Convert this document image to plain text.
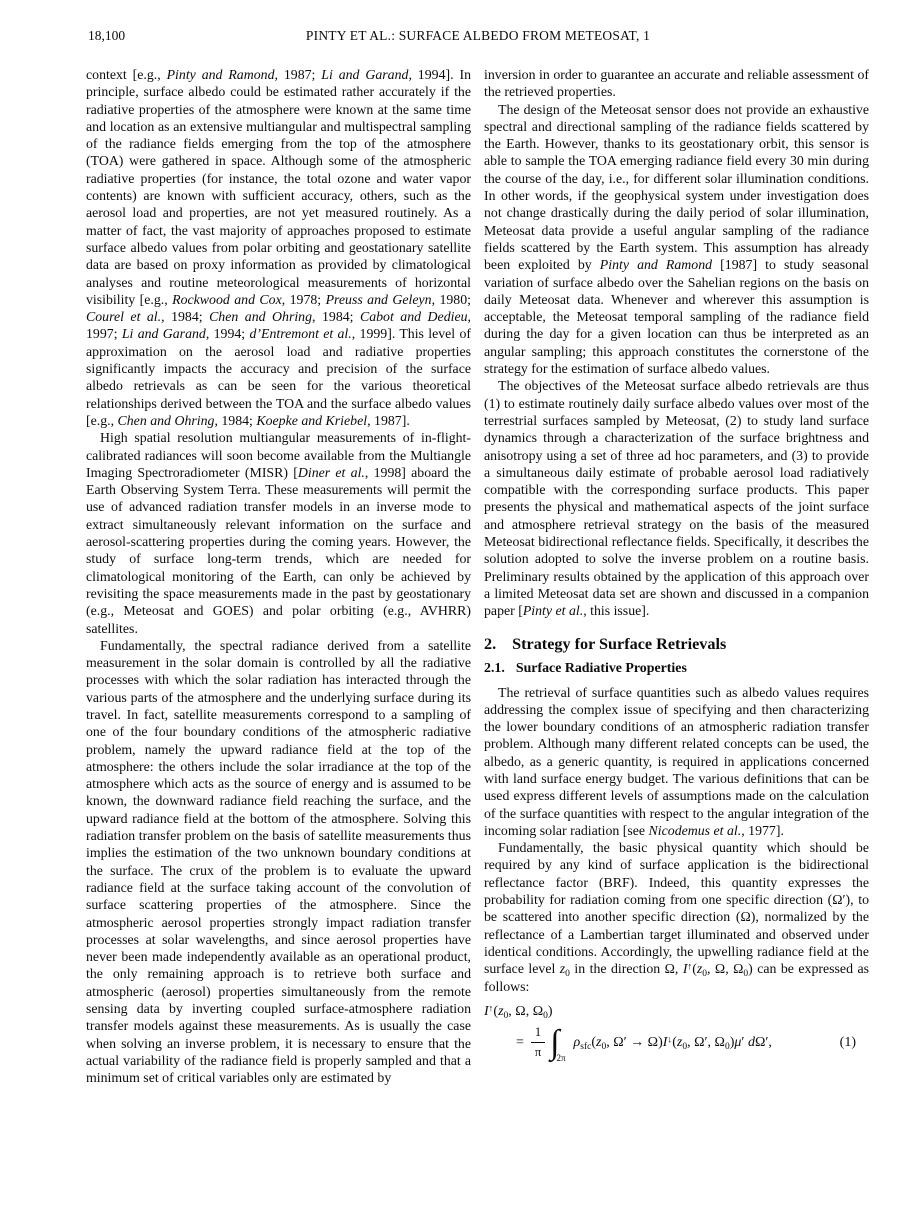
18,100	PINTY ET AL.: SURFACE ALBEDO FROM METEOSAT, 1

context [e.g., Pinty and Ramond, 1987; Li and Garand, 1994]. In principle, surface albedo could be estimated rather accurately if the radiative properties of the atmosphere were known at the same time and location as an extensive multiangular and multispectral sampling of the radiance fields emerging from the top of the atmosphere (TOA) were gathered in space. Although some of the atmospheric radiative properties (for instance, the total ozone and water vapor contents) are known with sufficient accuracy, others, such as the aerosol load and properties, are not yet measured routinely. As a matter of fact, the vast majority of approaches proposed to estimate surface albedo values from polar orbiting and geostationary satellite data are based on proxy information as provided by climatological analyses and routine meteorological measurements of horizontal visibility [e.g., Rockwood and Cox, 1978; Preuss and Geleyn, 1980; Courel et al., 1984; Chen and Ohring, 1984; Cabot and Dedieu, 1997; Li and Garand, 1994; d’Entremont et al., 1999]. This level of approximation on the aerosol load and radiative properties significantly impacts the accuracy and precision of the surface albedo retrievals as can be seen for the various theoretical relationships derived between the TOA and the surface albedo values [e.g., Chen and Ohring, 1984; Koepke and Kriebel, 1987].

High spatial resolution multiangular measurements of in-flight-calibrated radiances will soon become available from the Multiangle Imaging Spectroradiometer (MISR) [Diner et al., 1998] aboard the Earth Observing System Terra. These measurements will permit the use of advanced radiation transfer models in an inverse mode to extract simultaneously relevant information on the surface and aerosol-scattering properties during the coming years. However, the study of surface long-term trends, which are needed for climatological monitoring of the Earth, can only be achieved by revisiting the space measurements made in the past by geostationary (e.g., Meteosat and GOES) and polar orbiting (e.g., AVHRR) satellites.

Fundamentally, the spectral radiance derived from a satellite measurement in the solar domain is controlled by all the radiative processes with which the solar radiation has interacted through the various parts of the atmosphere and the underlying surface during its travel. In fact, satellite measurements correspond to a sampling of one of the four boundary conditions of the atmospheric radiative problem, namely the upward radiance field at the top of the atmosphere: the others include the solar irradiance at the top of the atmosphere which acts as the source of energy and is assumed to be known, the downward radiance field reaching the surface, and the upward radiance field at the bottom of the atmosphere. Solving this radiation transfer problem on the basis of satellite measurements thus implies the estimation of the two unknown boundary conditions at the surface. The crux of the problem is to evaluate the upward radiance field at the surface taking account of the convolution of surface scattering properties of the atmosphere. Since the atmospheric aerosol properties strongly impact radiation transfer processes at solar wavelengths, and since aerosol properties have never been made independently available as an operational product, the only remaining approach is to retrieve both surface and atmospheric (aerosol) properties simultaneously from the remote sensing data by inverting coupled surface-atmosphere radiation transfer models against these measurements. As is usually the case when solving an inverse problem, it is necessary to ensure that the actual variability of the radiance field is properly sampled and that a minimum set of critical variables only are estimated by

inversion in order to guarantee an accurate and reliable assessment of the retrieved properties.

The design of the Meteosat sensor does not provide an exhaustive spectral and directional sampling of the radiance fields scattered by the Earth. However, thanks to its geostationary orbit, this sensor is able to sample the TOA emerging radiance field every 30 min during the course of the day, i.e., for different solar illumination conditions. In other words, if the geophysical system under investigation does not change drastically during the daily period of solar illumination, Meteosat data provide a useful angular sampling of the radiance fields scattered by the Earth system. This assumption has already been exploited by Pinty and Ramond [1987] to study seasonal variation of surface albedo over the Sahelian regions on the basis on daily Meteosat data. Whenever and wherever this assumption is acceptable, the Meteosat temporal sampling of the radiance field during the day for a given location can thus be interpreted as an angular sampling; this approach constitutes the cornerstone of the strategy for the estimation of surface albedo values.

The objectives of the Meteosat surface albedo retrievals are thus (1) to estimate routinely daily surface albedo values over most of the terrestrial surfaces sampled by Meteosat, (2) to study land surface dynamics through a characterization of the surface brightness and anisotropy using a set of three ad hoc parameters, and (3) to provide a simultaneous daily estimate of probable aerosol load radiatively compatible with the corresponding surface products. This paper presents the physical and mathematical aspects of the joint surface and atmosphere retrieval strategy on the basis of the measured Meteosat bidirectional reflectance fields. Specifically, it describes the solution adopted to solve the inverse problem on a routine basis. Preliminary results obtained by the application of this approach over a limited Meteosat data set are shown and discussed in a companion paper [Pinty et al., this issue].

2. Strategy for Surface Retrievals
2.1. Surface Radiative Properties

The retrieval of surface quantities such as albedo values requires addressing the complex issue of specifying and then characterizing the lower boundary conditions of an atmospheric radiation transfer problem. Although many different related concepts can be used, the albedo, as a generic quantity, is required in applications concerned with land surface energy budget. The various definitions that can be used express different levels of assumptions made on the calculation of the surface quantities with respect to the angular integration of the incoming solar radiation [see Nicodemus et al., 1977].

Fundamentally, the basic physical quantity which should be required by any kind of surface application is the bidirectional reflectance factor (BRF). Indeed, this quantity expresses the probability for radiation coming from one specific direction (Ω′), to be scattered into another specific direction (Ω), normalized by the reflectance of a Lambertian target illuminated and observed under identical conditions. Accordingly, the upwelling radiance field at the surface level $z_0$ in the direction Ω, $I^↑(z_0$, Ω, $\Omega_0$) can be expressed as follows:

$I^↑(z_0$, Ω, $\Omega_0$)
= $\frac{1}{\pi}$ ∫
2π
$\rho_{sfc}(z_0$, $\Omega' \to \Omega)I^↓(z_0$, Ω′, $\Omega_0)\mu'$ dΩ′,	(1)
